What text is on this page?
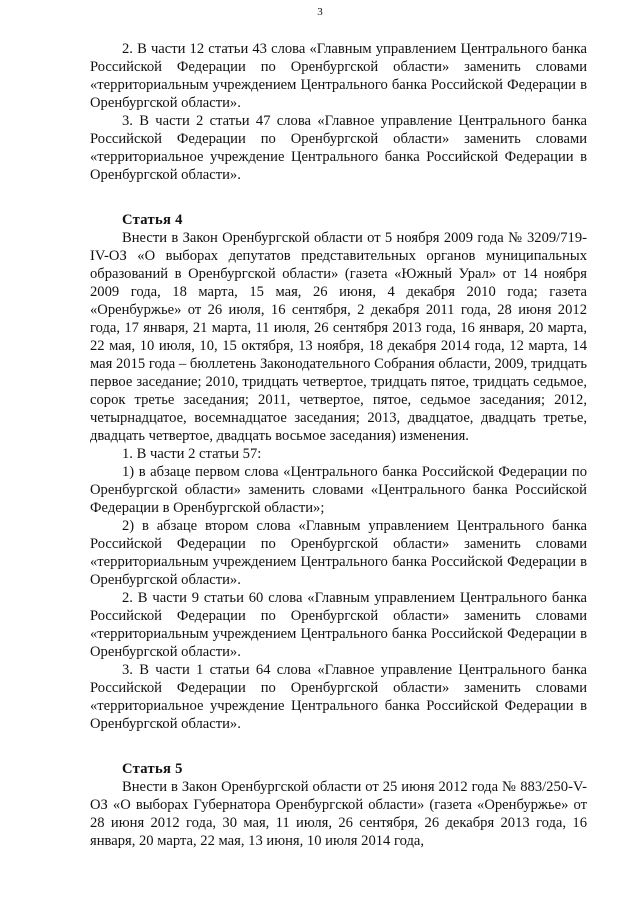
3

2. В части 12 статьи 43 слова «Главным управлением Центрального банка Российской Федерации по Оренбургской области» заменить словами «территориальным учреждением Центрального банка Российской Федерации в Оренбургской области».

3. В части 2 статьи 47 слова «Главное управление Центрального банка Российской Федерации по Оренбургской области» заменить словами «территориальное учреждение Центрального банка Российской Федерации в Оренбургской области».

Статья 4

Внести в Закон Оренбургской области от 5 ноября 2009 года № 3209/719-IV-ОЗ «О выборах депутатов представительных органов муниципальных образований в Оренбургской области» (газета «Южный Урал» от 14 ноября 2009 года, 18 марта, 15 мая, 26 июня, 4 декабря 2010 года; газета «Оренбуржье» от 26 июля, 16 сентября, 2 декабря 2011 года, 28 июня 2012 года, 17 января, 21 марта, 11 июля, 26 сентября 2013 года, 16 января, 20 марта, 22 мая, 10 июля, 10, 15 октября, 13 ноября, 18 декабря 2014 года, 12 марта, 14 мая 2015 года – бюллетень Законодательного Собрания области, 2009, тридцать первое заседание; 2010, тридцать четвертое, тридцать пятое, тридцать седьмое, сорок третье заседания; 2011, четвертое, пятое, седьмое заседания; 2012, четырнадцатое, восемнадцатое заседания; 2013, двадцатое, двадцать третье, двадцать четвертое, двадцать восьмое заседания) изменения.

1. В части 2 статьи 57:

1) в абзаце первом слова «Центрального банка Российской Федерации по Оренбургской области» заменить словами «Центрального банка Российской Федерации в Оренбургской области»;

2) в абзаце втором слова «Главным управлением Центрального банка Российской Федерации по Оренбургской области» заменить словами «территориальным учреждением Центрального банка Российской Федерации в Оренбургской области».

2. В части 9 статьи 60 слова «Главным управлением Центрального банка Российской Федерации по Оренбургской области» заменить словами «территориальным учреждением Центрального банка Российской Федерации в Оренбургской области».

3. В части 1 статьи 64 слова «Главное управление Центрального банка Российской Федерации по Оренбургской области» заменить словами «территориальное учреждение Центрального банка Российской Федерации в Оренбургской области».

Статья 5

Внести в Закон Оренбургской области от 25 июня 2012 года № 883/250-V-ОЗ «О выборах Губернатора Оренбургской области» (газета «Оренбуржье» от 28 июня 2012 года, 30 мая, 11 июля, 26 сентября, 26 декабря 2013 года, 16 января, 20 марта, 22 мая, 13 июня, 10 июля 2014 года,
